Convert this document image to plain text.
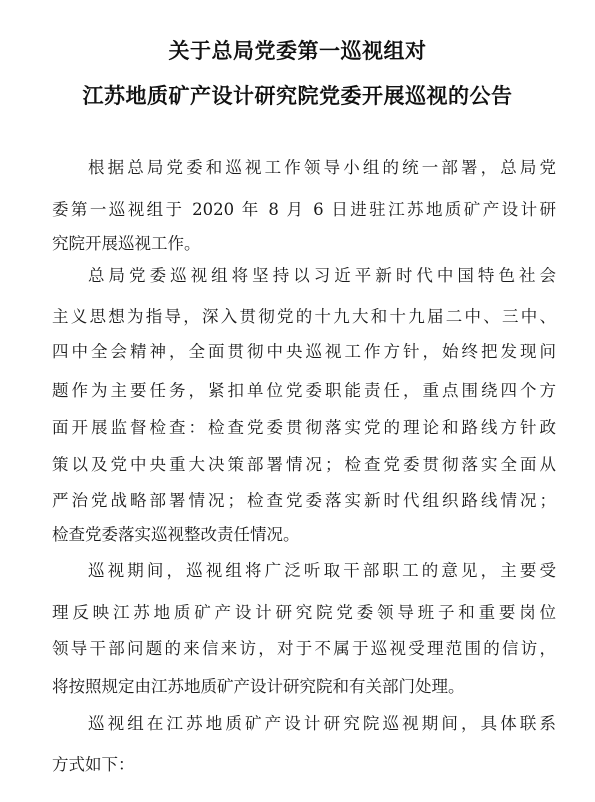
关于总局党委第一巡视组对
江苏地质矿产设计研究院党委开展巡视的公告
根据总局党委和巡视工作领导小组的统一部署，总局党
委第一巡视组于 2020 年 8 月 6 日进驻江苏地质矿产设计研
究院开展巡视工作。
总局党委巡视组将坚持以习近平新时代中国特色社会
主义思想为指导，深入贯彻党的十九大和十九届二中、三中、
四中全会精神，全面贯彻中央巡视工作方针，始终把发现问
题作为主要任务，紧扣单位党委职能责任，重点围绕四个方
面开展监督检查：检查党委贯彻落实党的理论和路线方针政
策以及党中央重大决策部署情况；检查党委贯彻落实全面从
严治党战略部署情况；检查党委落实新时代组织路线情况；
检查党委落实巡视整改责任情况。
巡视期间，巡视组将广泛听取干部职工的意见，主要受
理反映江苏地质矿产设计研究院党委领导班子和重要岗位
领导干部问题的来信来访，对于不属于巡视受理范围的信访，
将按照规定由江苏地质矿产设计研究院和有关部门处理。
巡视组在江苏地质矿产设计研究院巡视期间，具体联系
方式如下：
